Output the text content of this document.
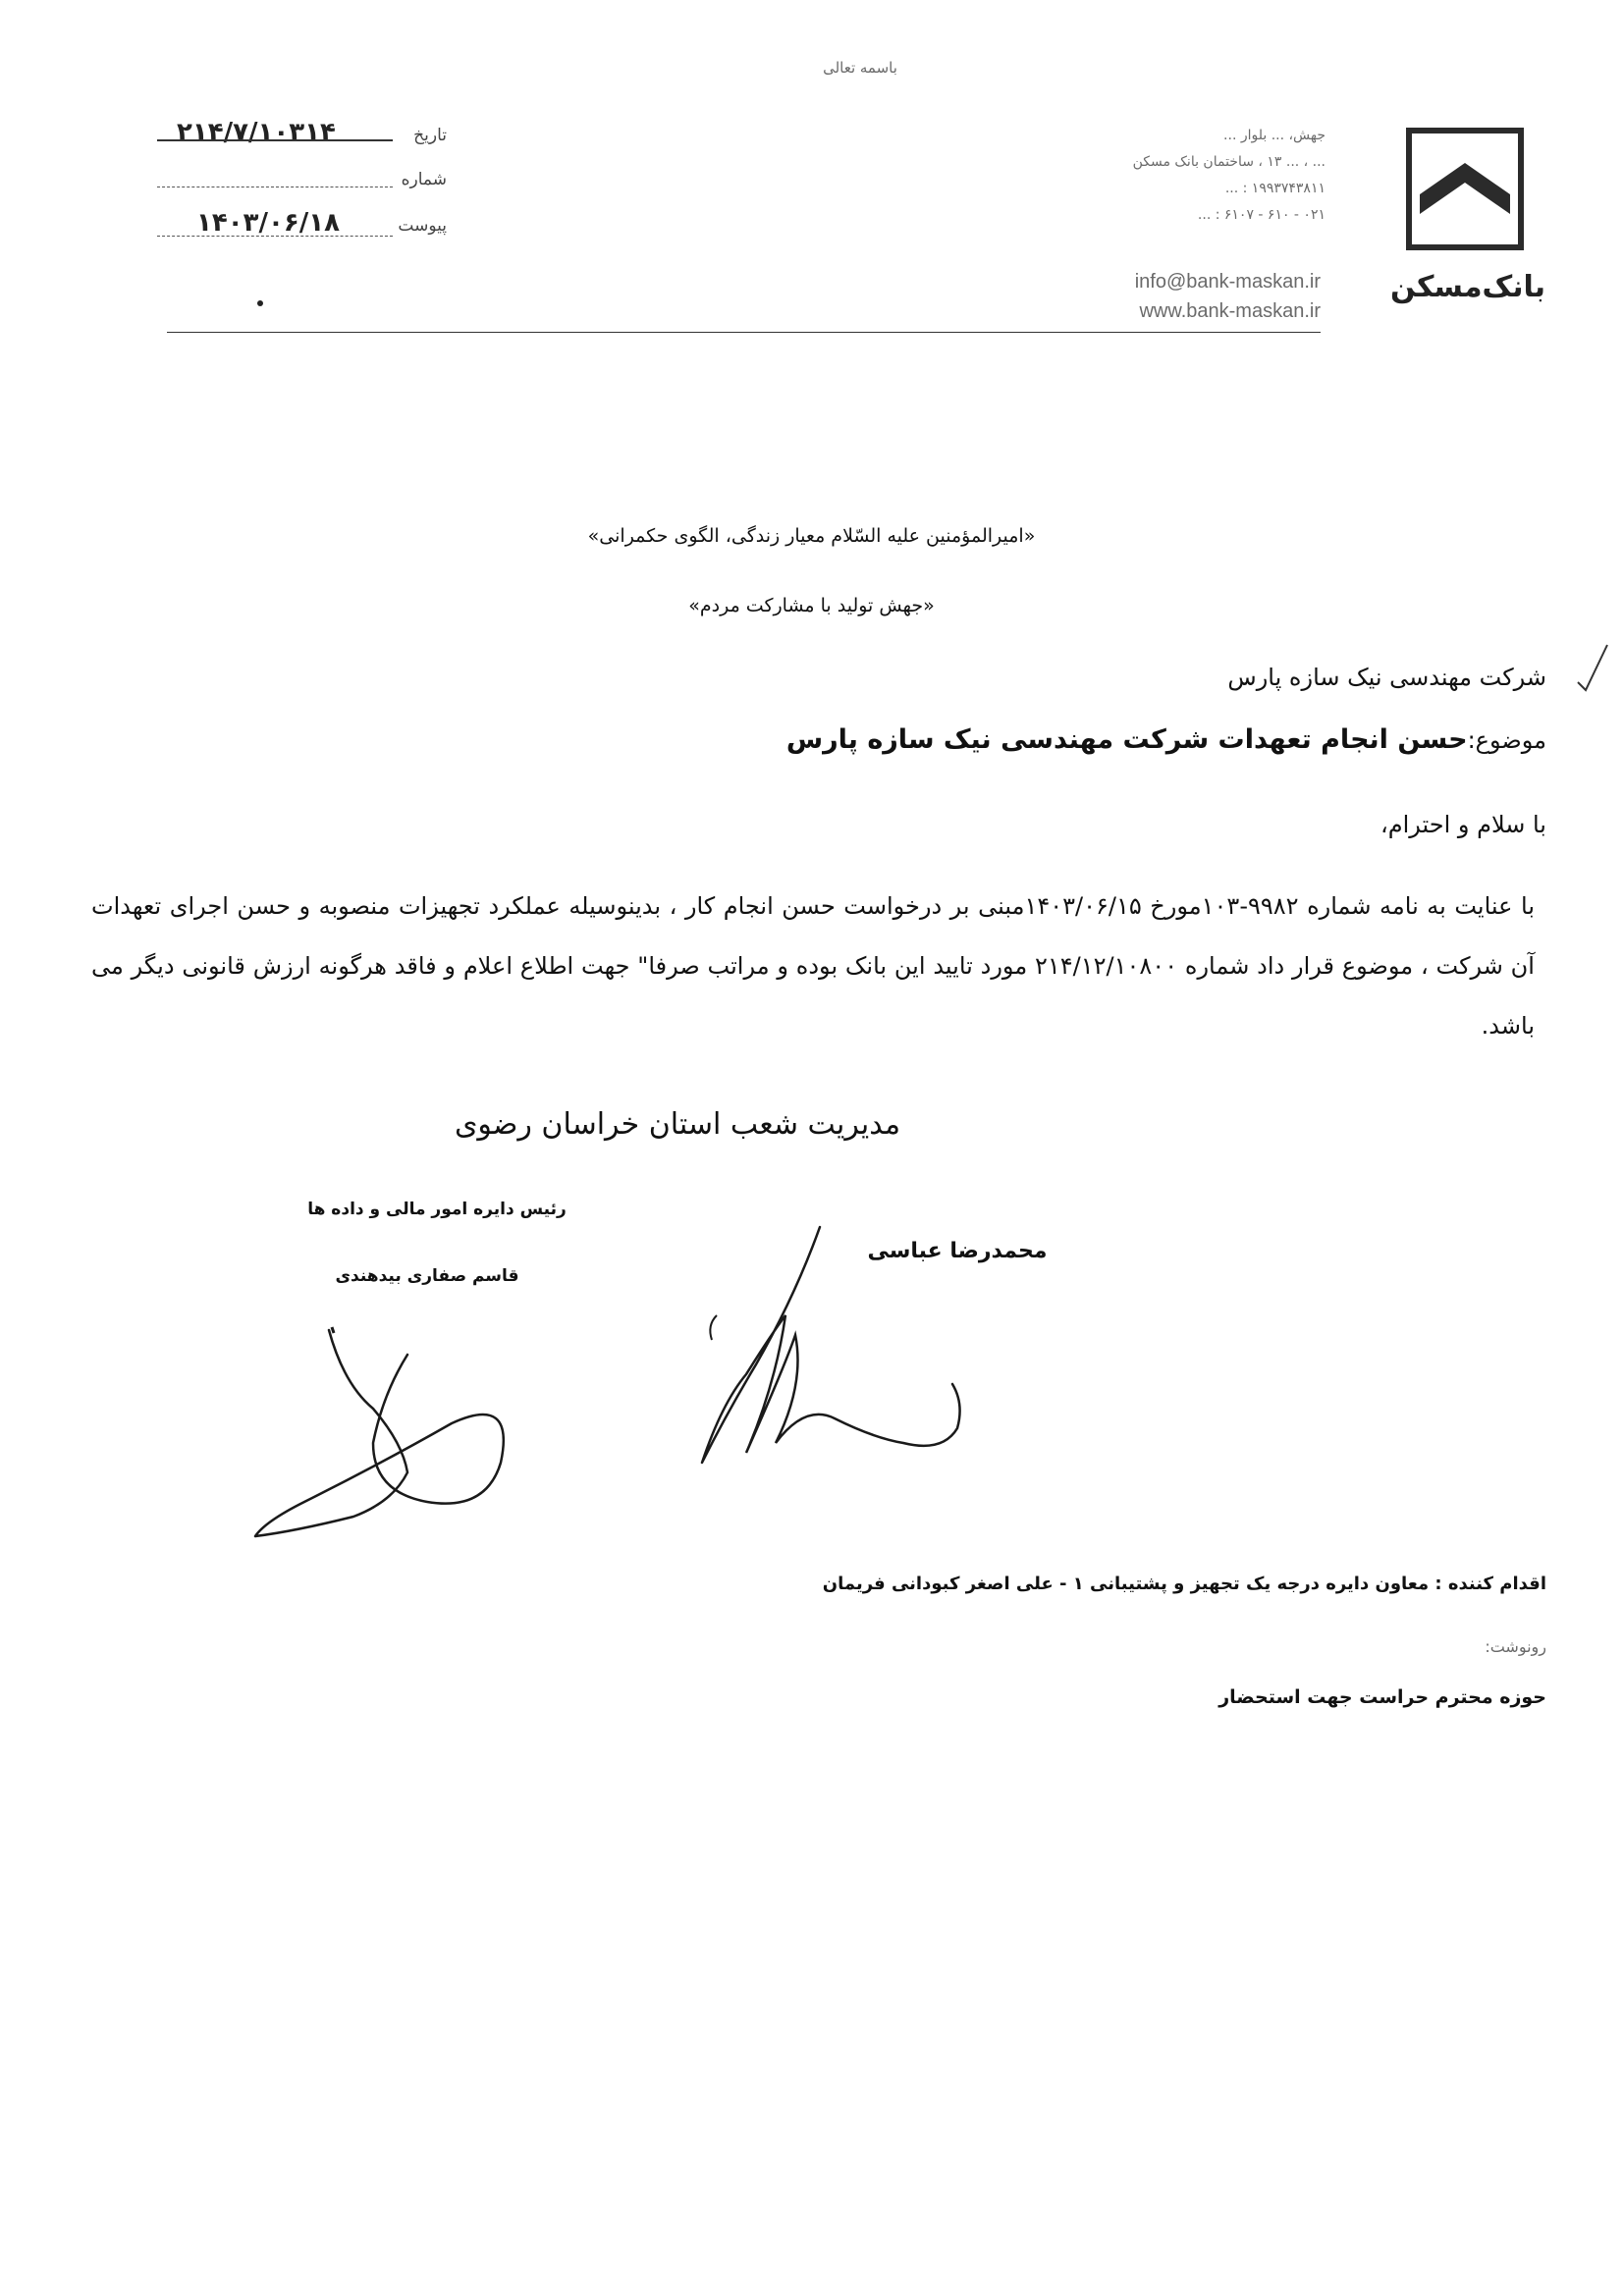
باسمه تعالی
۲۱۴/۷/۱۰۳۱۴	تاریخ
شماره
۱۴۰۳/۰۶/۱۸	پیوست
جهش، ... بلوار ...
... ، ... ۱۳ ، ساختمان بانک مسکن
... : ۱۹۹۳۷۴۳۸۱۱
... : ۶۱۰۷ - ۶۱۰ - ۰۲۱
info@bank-maskan.ir
www.bank-maskan.ir
بانک‌مسکن
«امیرالمؤمنین علیه السّلام معیار زندگی، الگوی حکمرانی»
«جهش تولید با مشارکت مردم»
شرکت مهندسی نیک سازه پارس
موضوع:حسن انجام تعهدات شرکت مهندسی نیک سازه پارس
با سلام و احترام،
با عنایت به نامه شماره ۹۹۸۲-۱۰۳مورخ ۱۴۰۳/۰۶/۱۵مبنی بر درخواست حسن انجام کار ، بدینوسیله عملکرد تجهیزات منصوبه و حسن اجرای تعهدات آن شرکت ، موضوع قرار داد شماره ۲۱۴/۱۲/۱۰۸۰۰ مورد تایید این بانک بوده و مراتب صرفا" جهت اطلاع اعلام و فاقد هرگونه ارزش قانونی دیگر می باشد.
مدیریت شعب استان خراسان رضوی
رئیس دایره امور مالی و داده ها
قاسم صفاری بیدهندی
محمدرضا عباسی
اقدام کننده : معاون دایره درجه یک تجهیز و پشتیبانی ۱ - علی اصغر کبودانی فریمان
رونوشت:
حوزه محترم حراست جهت استحضار
